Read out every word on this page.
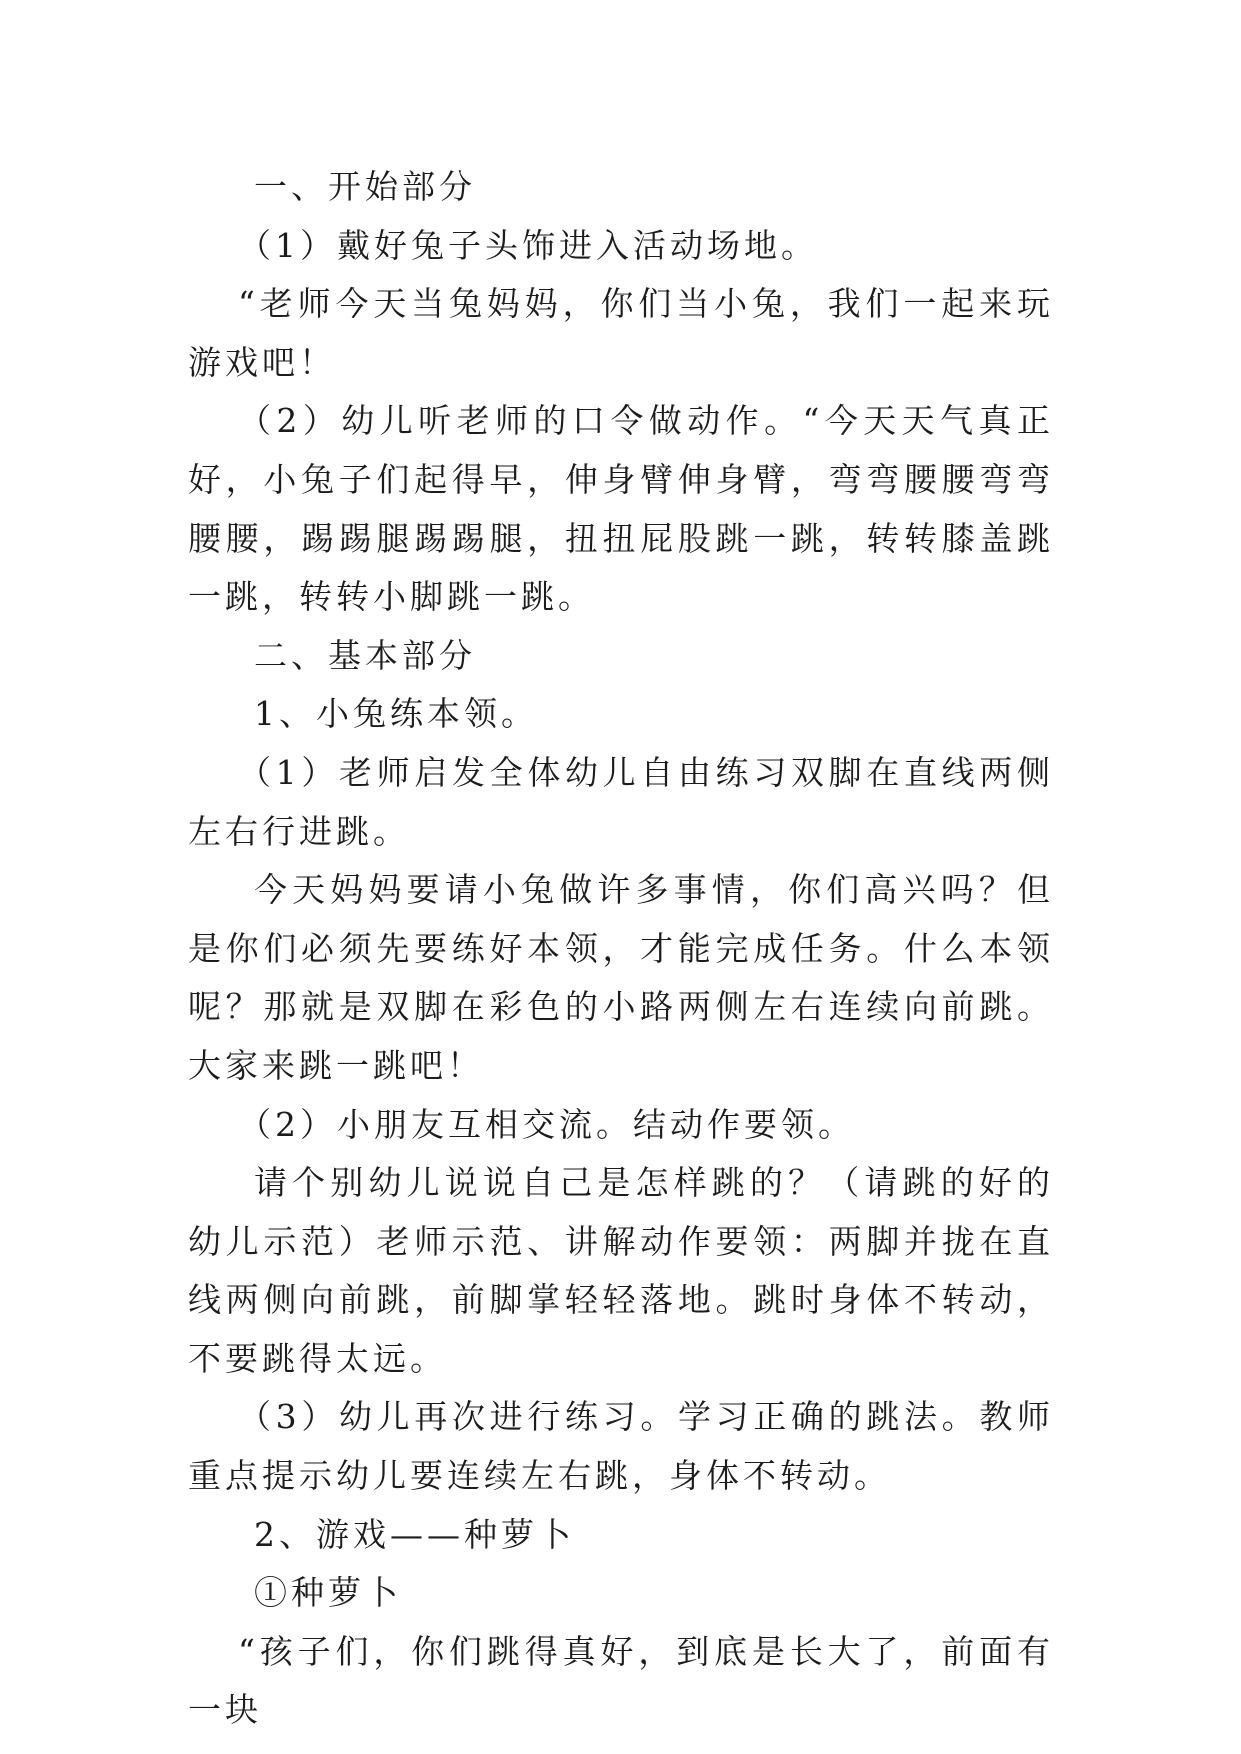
一、开始部分

（1）戴好兔子头饰进入活动场地。

“老师今天当兔妈妈，你们当小兔，我们一起来玩游戏吧！

（2）幼儿听老师的口令做动作。“今天天气真正好，小兔子们起得早，伸身臂伸身臂，弯弯腰腰弯弯腰腰，踢踢腿踢踢腿，扭扭屁股跳一跳，转转膝盖跳一跳，转转小脚跳一跳。

二、基本部分

1、小兔练本领。

（1）老师启发全体幼儿自由练习双脚在直线两侧左右行进跳。

今天妈妈要请小兔做许多事情，你们高兴吗？但是你们必须先要练好本领，才能完成任务。什么本领呢？那就是双脚在彩色的小路两侧左右连续向前跳。大家来跳一跳吧！

（2）小朋友互相交流。结动作要领。

请个别幼儿说说自己是怎样跳的？（请跳的好的幼儿示范）老师示范、讲解动作要领：两脚并拢在直线两侧向前跳，前脚掌轻轻落地。跳时身体不转动，不要跳得太远。

（3）幼儿再次进行练习。学习正确的跳法。教师重点提示幼儿要连续左右跳，身体不转动。

2、游戏——种萝卜

①种萝卜

“孩子们，你们跳得真好，到底是长大了，前面有一块
